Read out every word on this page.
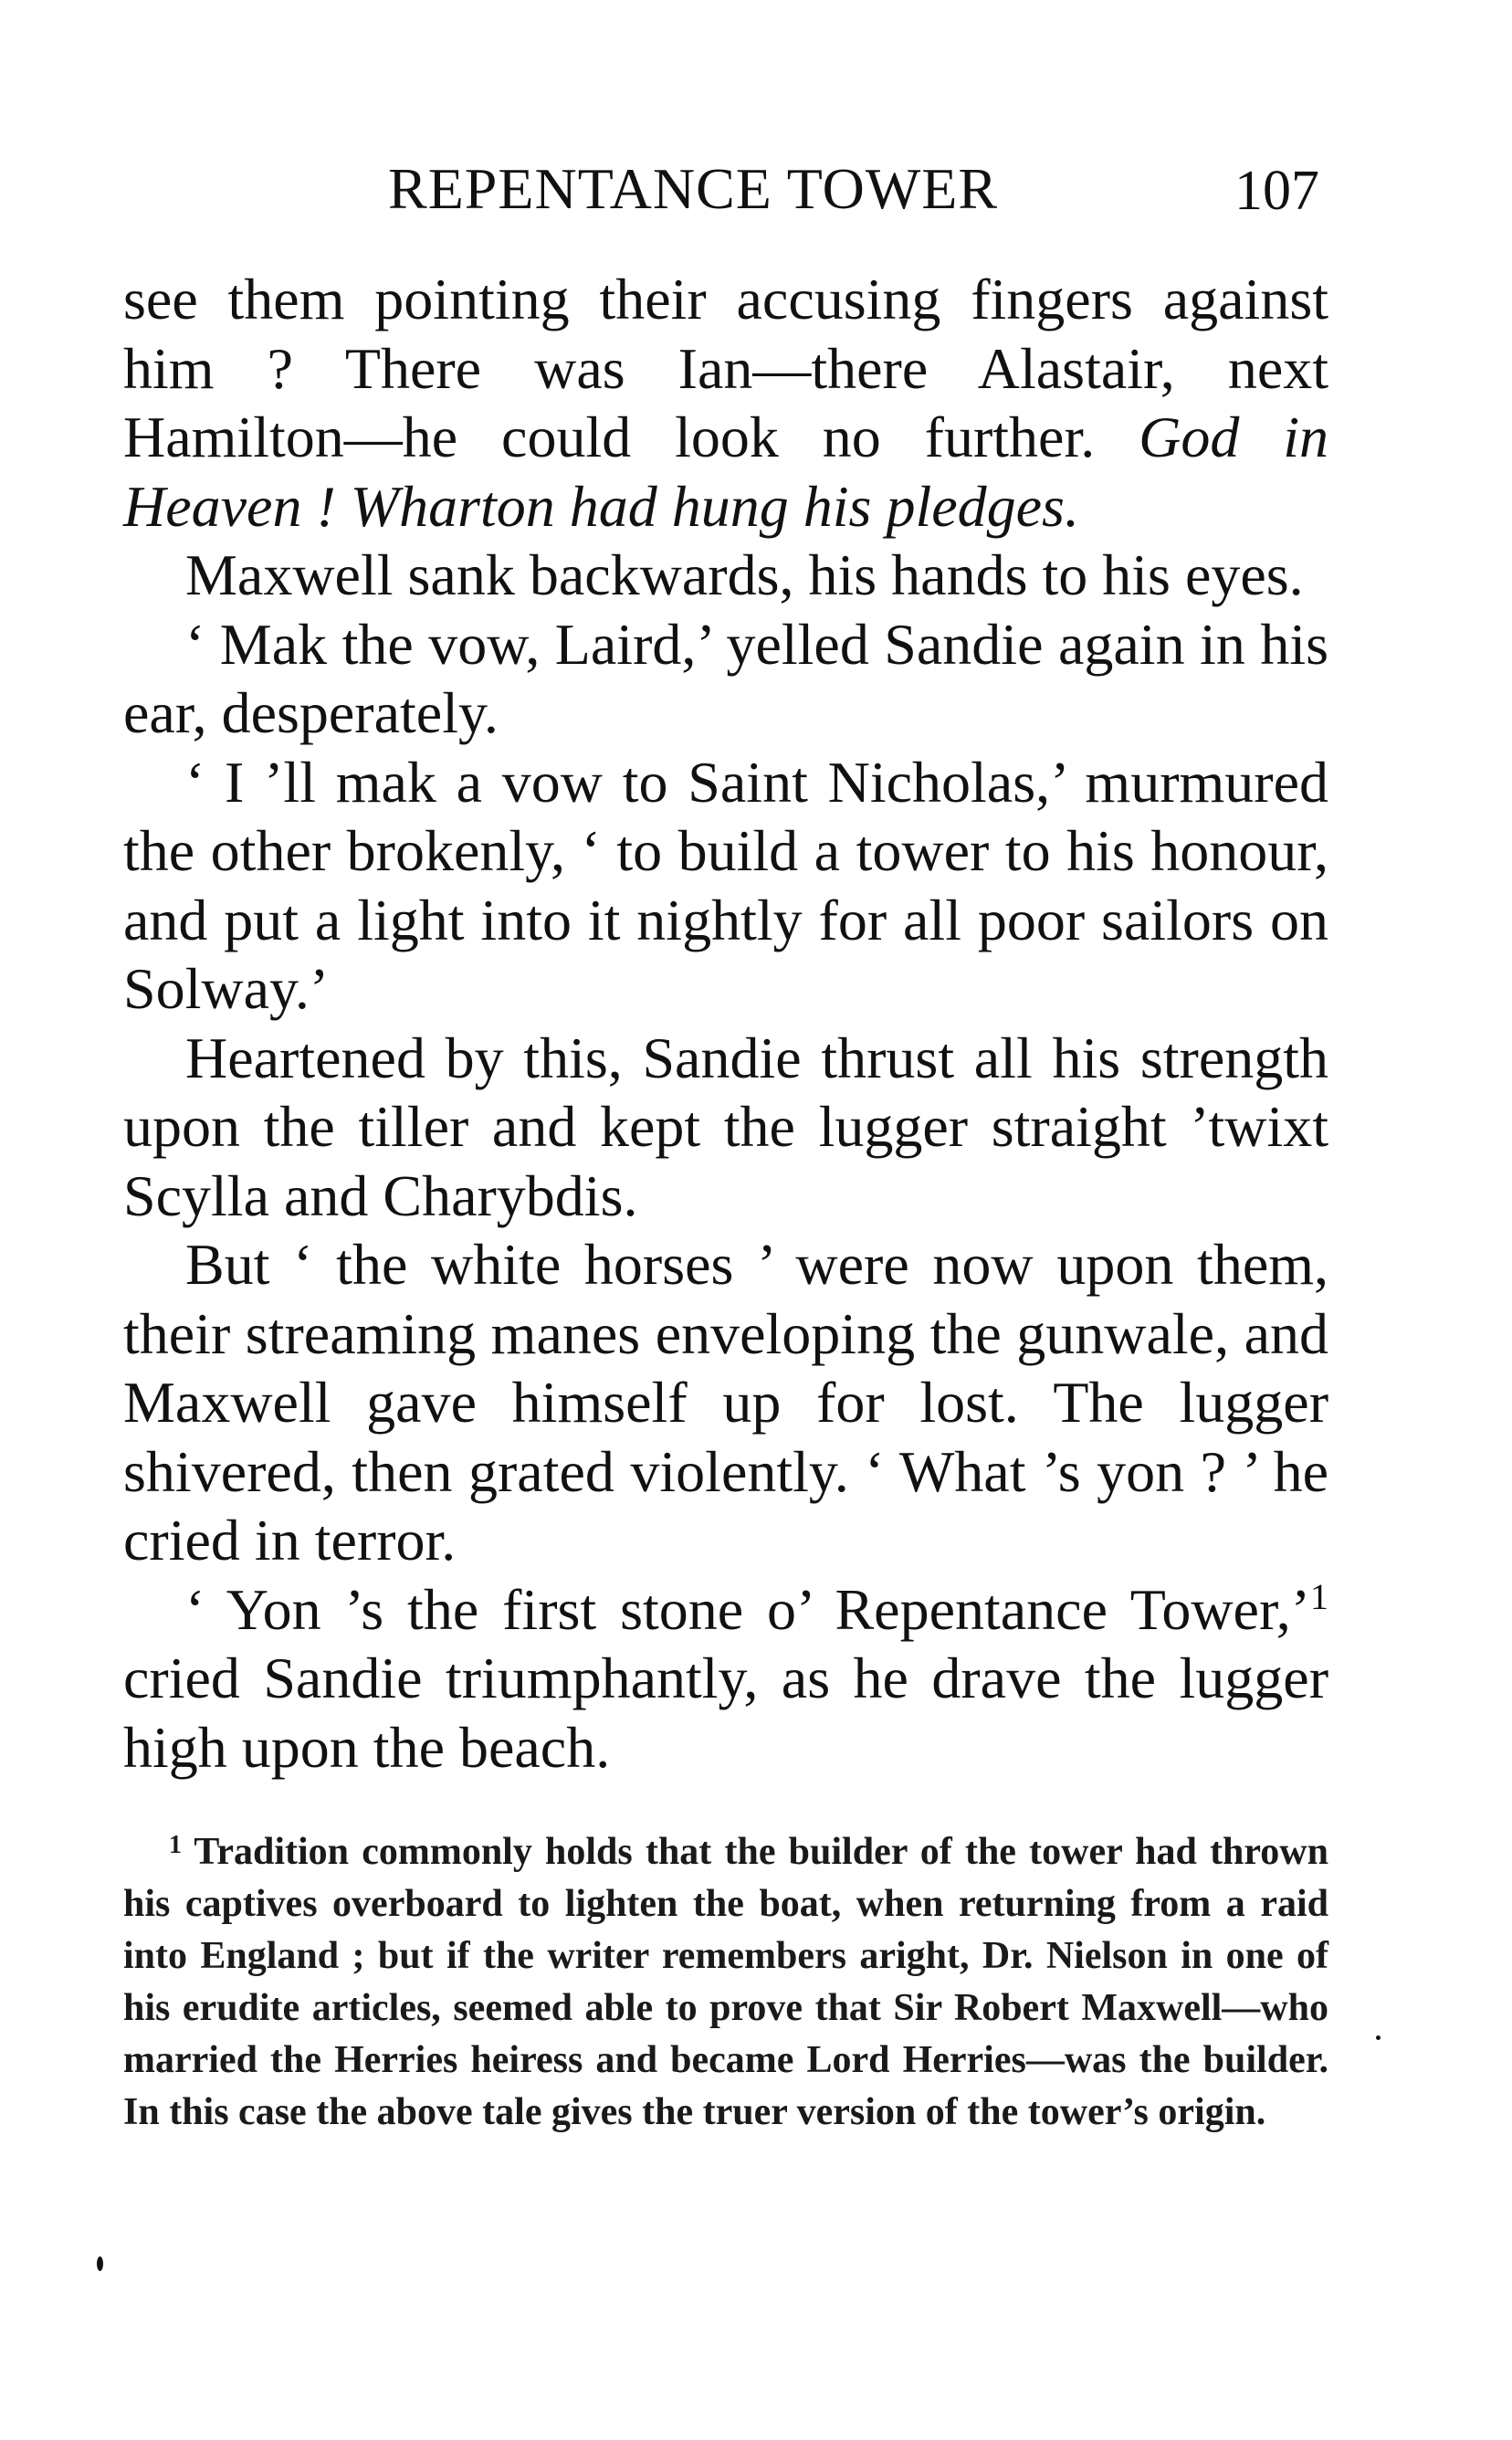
REPENTANCE TOWER	107

see them pointing their accusing fingers against him ? There was Ian—there Alastair, next Hamilton—he could look no further. God in Heaven ! Wharton had hung his pledges.

Maxwell sank backwards, his hands to his eyes.

‘ Mak the vow, Laird,’ yelled Sandie again in his ear, desperately.

‘ I ’ll mak a vow to Saint Nicholas,’ murmured the other brokenly, ‘ to build a tower to his honour, and put a light into it nightly for all poor sailors on Solway.’

Heartened by this, Sandie thrust all his strength upon the tiller and kept the lugger straight ’twixt Scylla and Charybdis.

But ‘ the white horses ’ were now upon them, their streaming manes enveloping the gunwale, and Maxwell gave himself up for lost. The lugger shivered, then grated violently. ‘ What ’s yon ? ’ he cried in terror.

‘ Yon ’s the first stone o’ Repentance Tower,’$^1$ cried Sandie triumphantly, as he drave the lugger high upon the beach.

$^1$ Tradition commonly holds that the builder of the tower had thrown his captives overboard to lighten the boat, when returning from a raid into England ; but if the writer remembers aright, Dr. Nielson in one of his erudite articles, seemed able to prove that Sir Robert Maxwell—who married the Herries heiress and became Lord Herries—was the builder. In this case the above tale gives the truer version of the tower’s origin.
